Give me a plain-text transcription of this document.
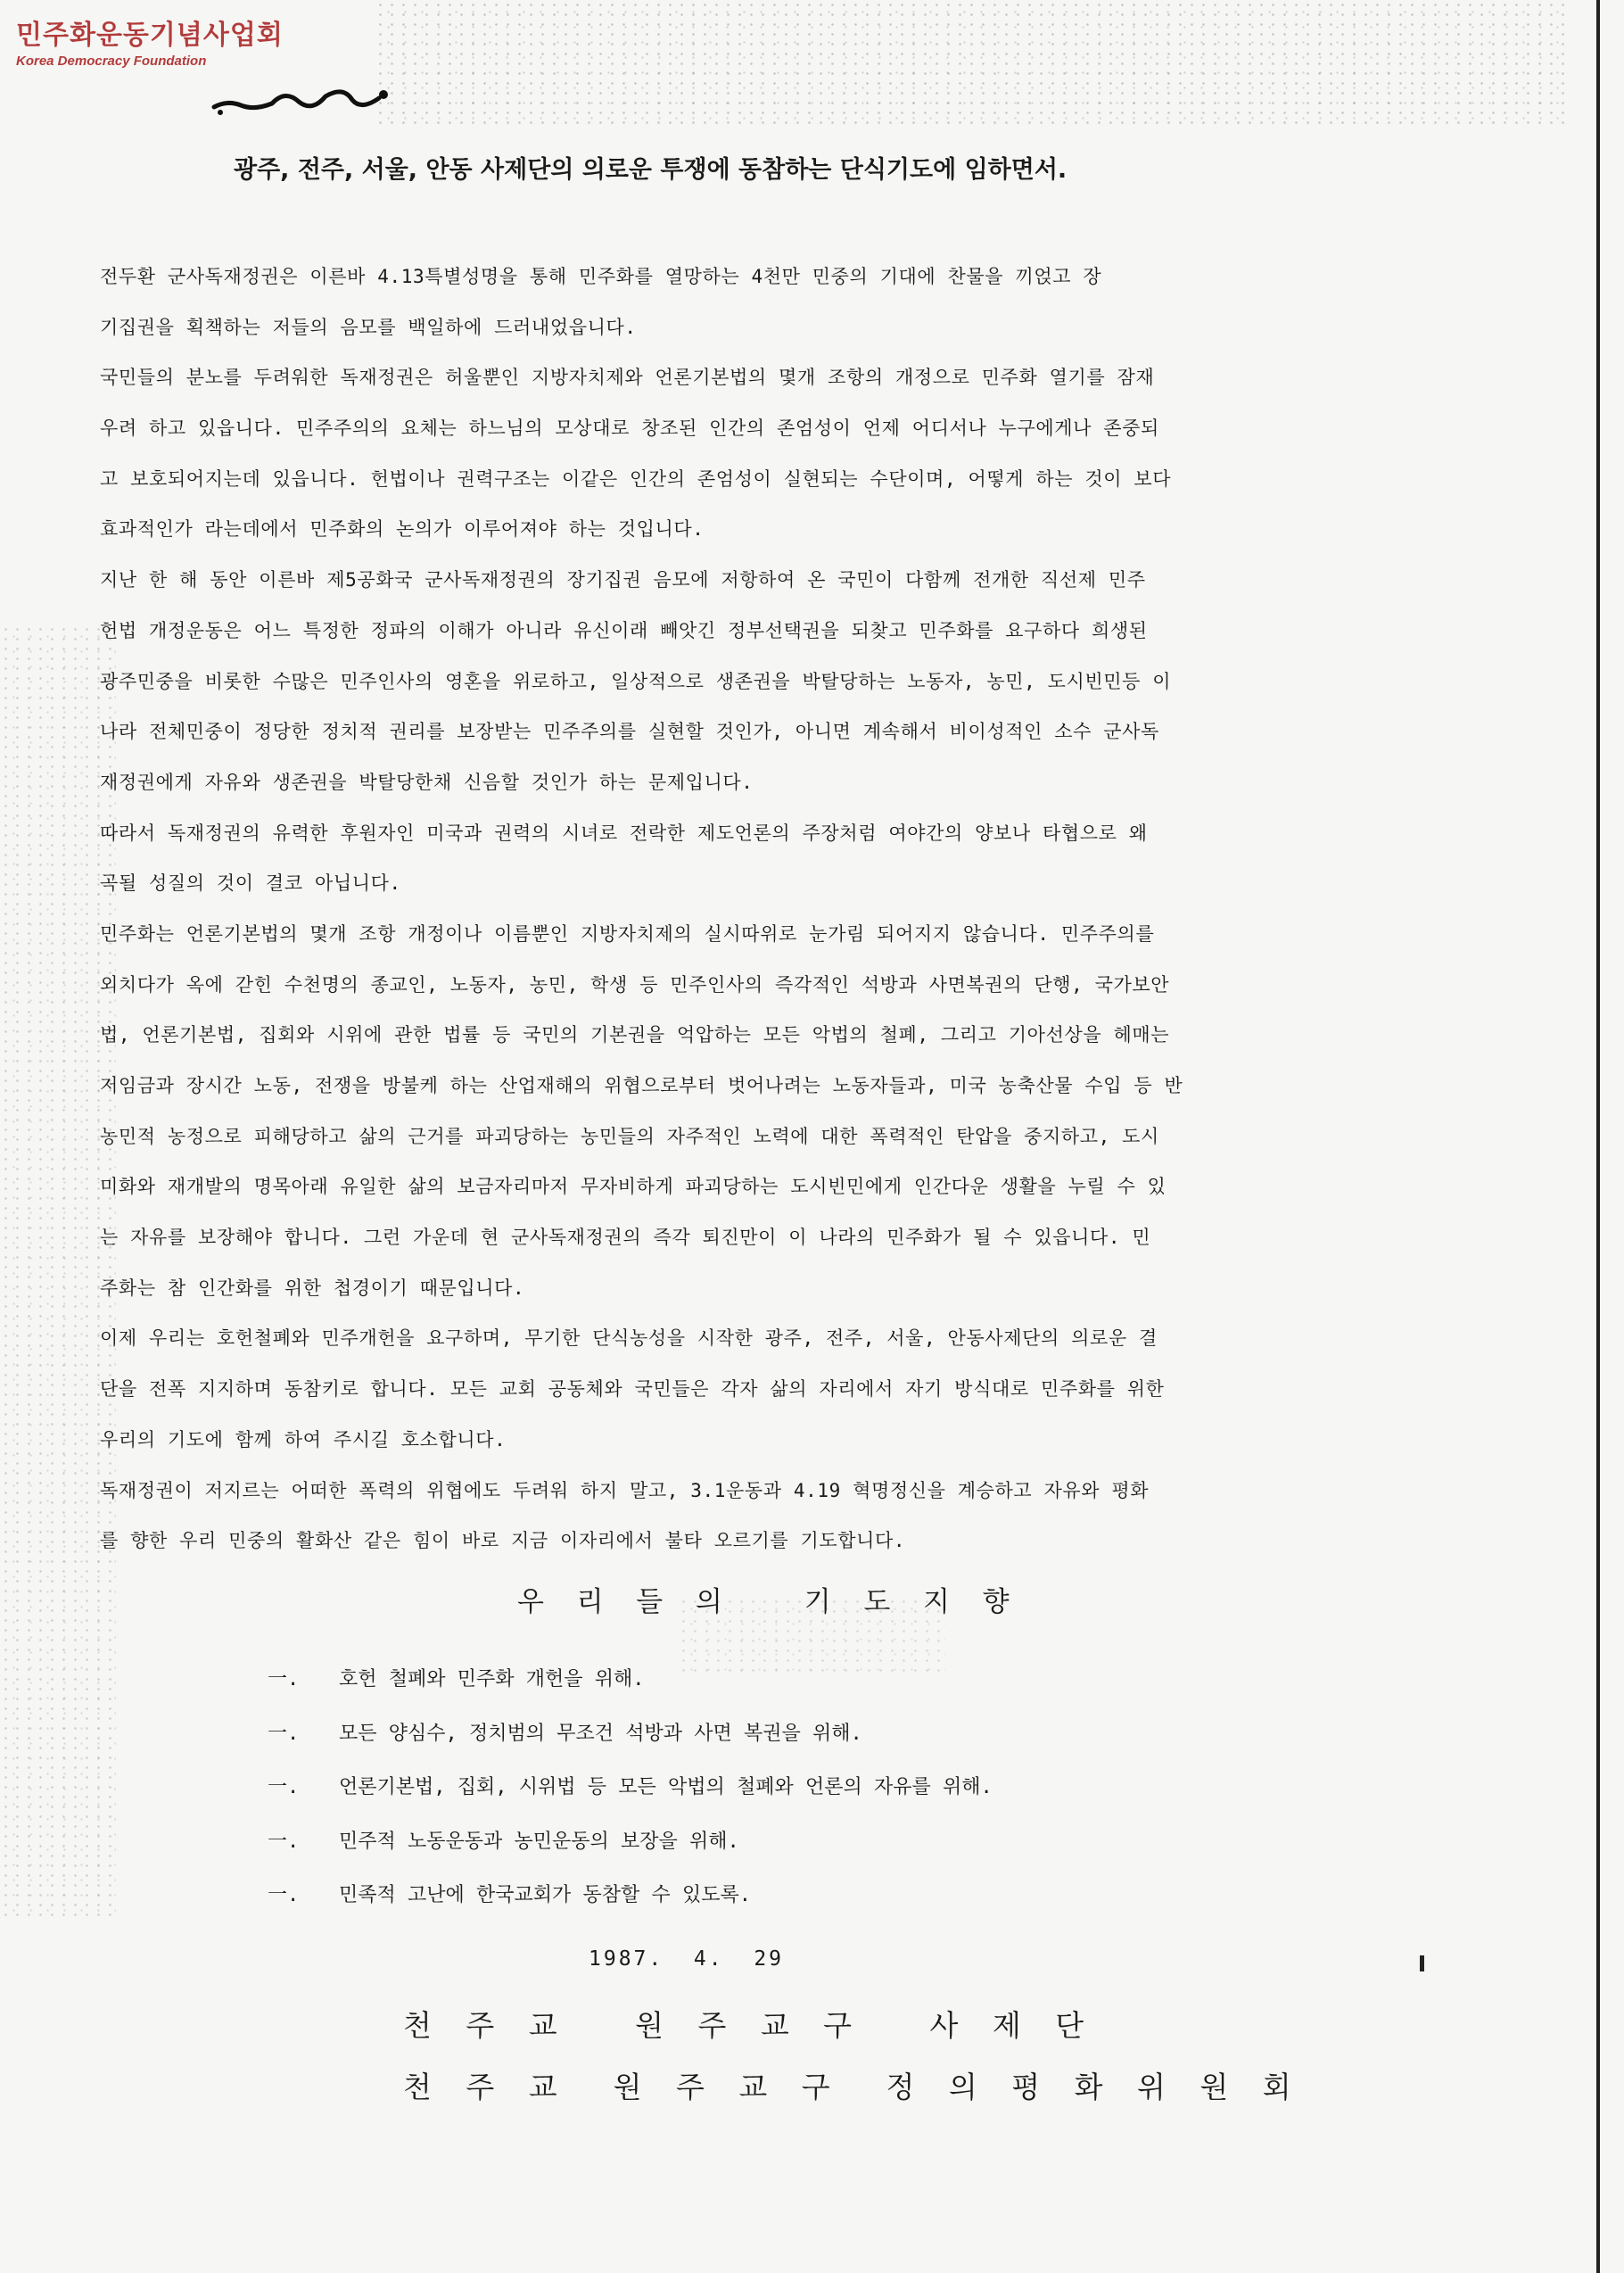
민주화운동기념사업회
Korea Democracy Foundation
광주, 전주, 서울, 안동 사제단의 의로운 투쟁에 동참하는 단식기도에 임하면서.
전두환 군사독재정권은 이른바 4.13특별성명을 통해 민주화를 열망하는 4천만 민중의 기대에 찬물을 끼얹고 장
기집권을 획책하는 저들의 음모를 백일하에 드러내었읍니다.
국민들의 분노를 두려워한 독재정권은 허울뿐인 지방자치제와 언론기본법의 몇개 조항의 개정으로 민주화 열기를 잠재
우려 하고 있읍니다. 민주주의의 요체는 하느님의 모상대로 창조된 인간의 존엄성이 언제 어디서나 누구에게나 존중되
고 보호되어지는데 있읍니다. 헌법이나 권력구조는 이같은 인간의 존엄성이 실현되는 수단이며, 어떻게 하는 것이 보다
효과적인가 라는데에서 민주화의 논의가 이루어져야 하는 것입니다.
지난 한 해 동안 이른바 제5공화국 군사독재정권의 장기집권 음모에 저항하여 온 국민이 다함께 전개한 직선제 민주
헌법 개정운동은 어느 특정한 정파의 이해가 아니라 유신이래 빼앗긴 정부선택권을 되찾고 민주화를 요구하다 희생된
광주민중을 비롯한 수많은 민주인사의 영혼을 위로하고, 일상적으로 생존권을 박탈당하는 노동자, 농민, 도시빈민등 이
나라 전체민중이 정당한 정치적 권리를 보장받는 민주주의를 실현할 것인가, 아니면 계속해서 비이성적인 소수 군사독
재정권에게 자유와 생존권을 박탈당한채 신음할 것인가 하는 문제입니다.
따라서 독재정권의 유력한 후원자인 미국과 권력의 시녀로 전락한 제도언론의 주장처럼 여야간의 양보나 타협으로 왜
곡될 성질의 것이 결코 아닙니다.
민주화는 언론기본법의 몇개 조항 개정이나 이름뿐인 지방자치제의 실시따위로 눈가림 되어지지 않습니다. 민주주의를
외치다가 옥에 갇힌 수천명의 종교인, 노동자, 농민, 학생 등 민주인사의 즉각적인 석방과 사면복권의 단행, 국가보안
법, 언론기본법, 집회와 시위에 관한 법률 등 국민의 기본권을 억압하는 모든 악법의 철폐, 그리고 기아선상을 헤매는
저임금과 장시간 노동, 전쟁을 방불케 하는 산업재해의 위협으로부터 벗어나려는 노동자들과, 미국 농축산물 수입 등 반
농민적 농정으로 피해당하고 삶의 근거를 파괴당하는 농민들의 자주적인 노력에 대한 폭력적인 탄압을 중지하고, 도시
미화와 재개발의 명목아래 유일한 삶의 보금자리마저 무자비하게 파괴당하는 도시빈민에게 인간다운 생활을 누릴 수 있
는 자유를 보장해야 합니다. 그런 가운데 현 군사독재정권의 즉각 퇴진만이 이 나라의 민주화가 될 수 있읍니다. 민
주화는 참 인간화를 위한 첩경이기 때문입니다.
이제 우리는 호헌철폐와 민주개헌을 요구하며, 무기한 단식농성을 시작한 광주, 전주, 서울, 안동사제단의 의로운 결
단을 전폭 지지하며 동참키로 합니다. 모든 교회 공동체와 국민들은 각자 삶의 자리에서 자기 방식대로 민주화를 위한
우리의 기도에 함께 하여 주시길 호소합니다.
독재정권이 저지르는 어떠한 폭력의 위협에도 두려워 하지 말고, 3.1운동과 4.19 혁명정신을 계승하고 자유와 평화
를 향한 우리 민중의 활화산 같은 힘이 바로 지금 이자리에서 불타 오르기를 기도합니다.
우 리 들 의   기 도 지 향
一. 호헌 철폐와 민주화 개헌을 위해.
一. 모든 양심수, 정치범의 무조건 석방과 사면 복권을 위해.
一. 언론기본법, 집회, 시위법 등 모든 악법의 철폐와 언론의 자유를 위해.
一. 민주적 노동운동과 농민운동의 보장을 위해.
一. 민족적 고난에 한국교회가 동참할 수 있도록.
1987.  4.  29
천 주 교   원 주 교 구   사 제 단
천 주 교  원 주 교 구  정 의 평 화 위 원 회
